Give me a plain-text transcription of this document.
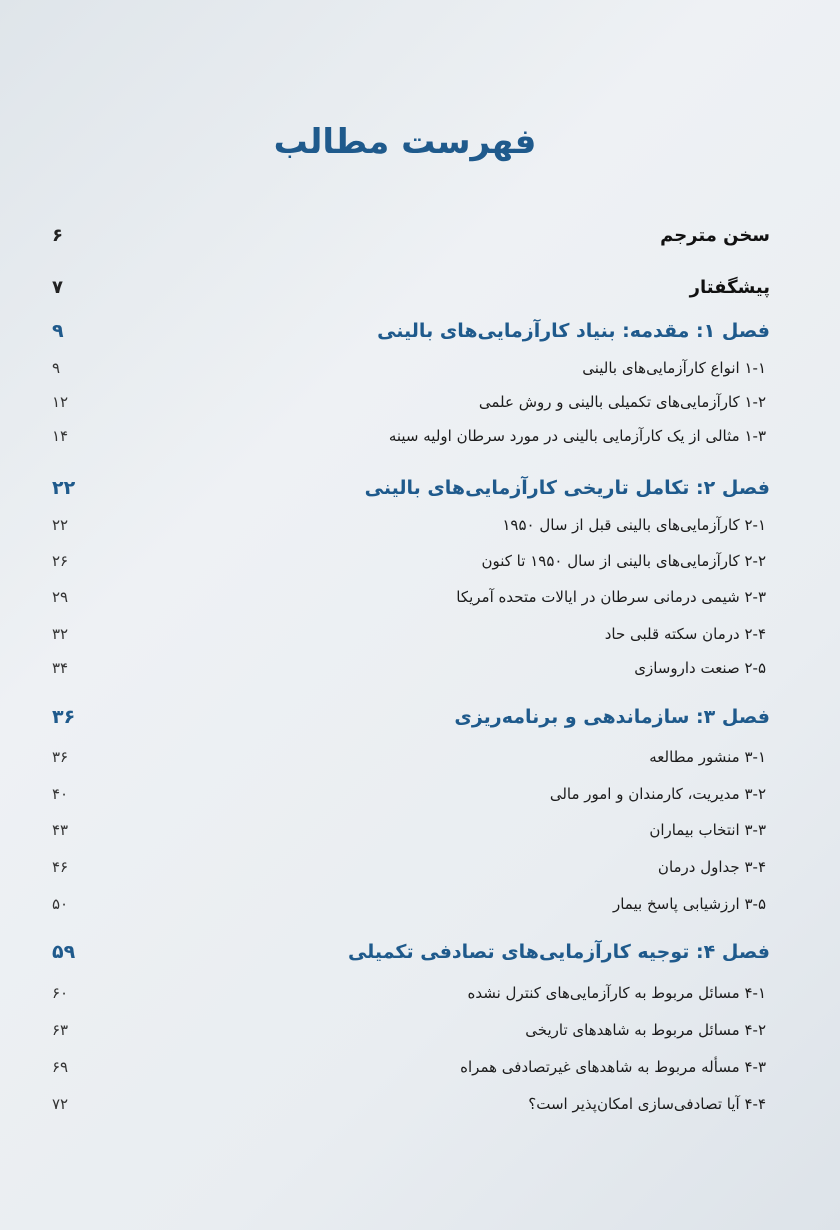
فهرست مطالب
سخن مترجم
۶
پیشگفتار
۷
فصل ۱: مقدمه: بنیاد کارآزمایی‌های بالینی
۹
۱-۱ انواع کارآزمایی‌های بالینی
۹
۱-۲ کارآزمایی‌های تکمیلی بالینی و روش علمی
۱۲
۱-۳ مثالی از یک کارآزمایی بالینی در مورد سرطان اولیه سینه
۱۴
فصل ۲: تکامل تاریخی کارآزمایی‌های بالینی
۲۲
۲-۱ کارآزمایی‌های بالینی قبل از سال ۱۹۵۰
۲۲
۲-۲ کارآزمایی‌های بالینی از سال ۱۹۵۰ تا کنون
۲۶
۲-۳ شیمی درمانی سرطان در ایالات متحده آمریکا
۲۹
۲-۴ درمان سکته قلبی حاد
۳۲
۲-۵ صنعت داروسازی
۳۴
فصل ۳: سازماندهی و برنامه‌ریزی
۳۶
۳-۱ منشور مطالعه
۳۶
۳-۲ مدیریت، کارمندان و امور مالی
۴۰
۳-۳ انتخاب بیماران
۴۳
۳-۴ جداول درمان
۴۶
۳-۵ ارزشیابی پاسخ بیمار
۵۰
فصل ۴: توجیه کارآزمایی‌های تصادفی تکمیلی
۵۹
۴-۱ مسائل مربوط به کارآزمایی‌های کنترل نشده
۶۰
۴-۲ مسائل مربوط به شاهدهای تاریخی
۶۳
۴-۳ مسأله مربوط به شاهدهای غیرتصادفی همراه
۶۹
۴-۴ آیا تصادفی‌سازی امکان‌پذیر است؟
۷۲
